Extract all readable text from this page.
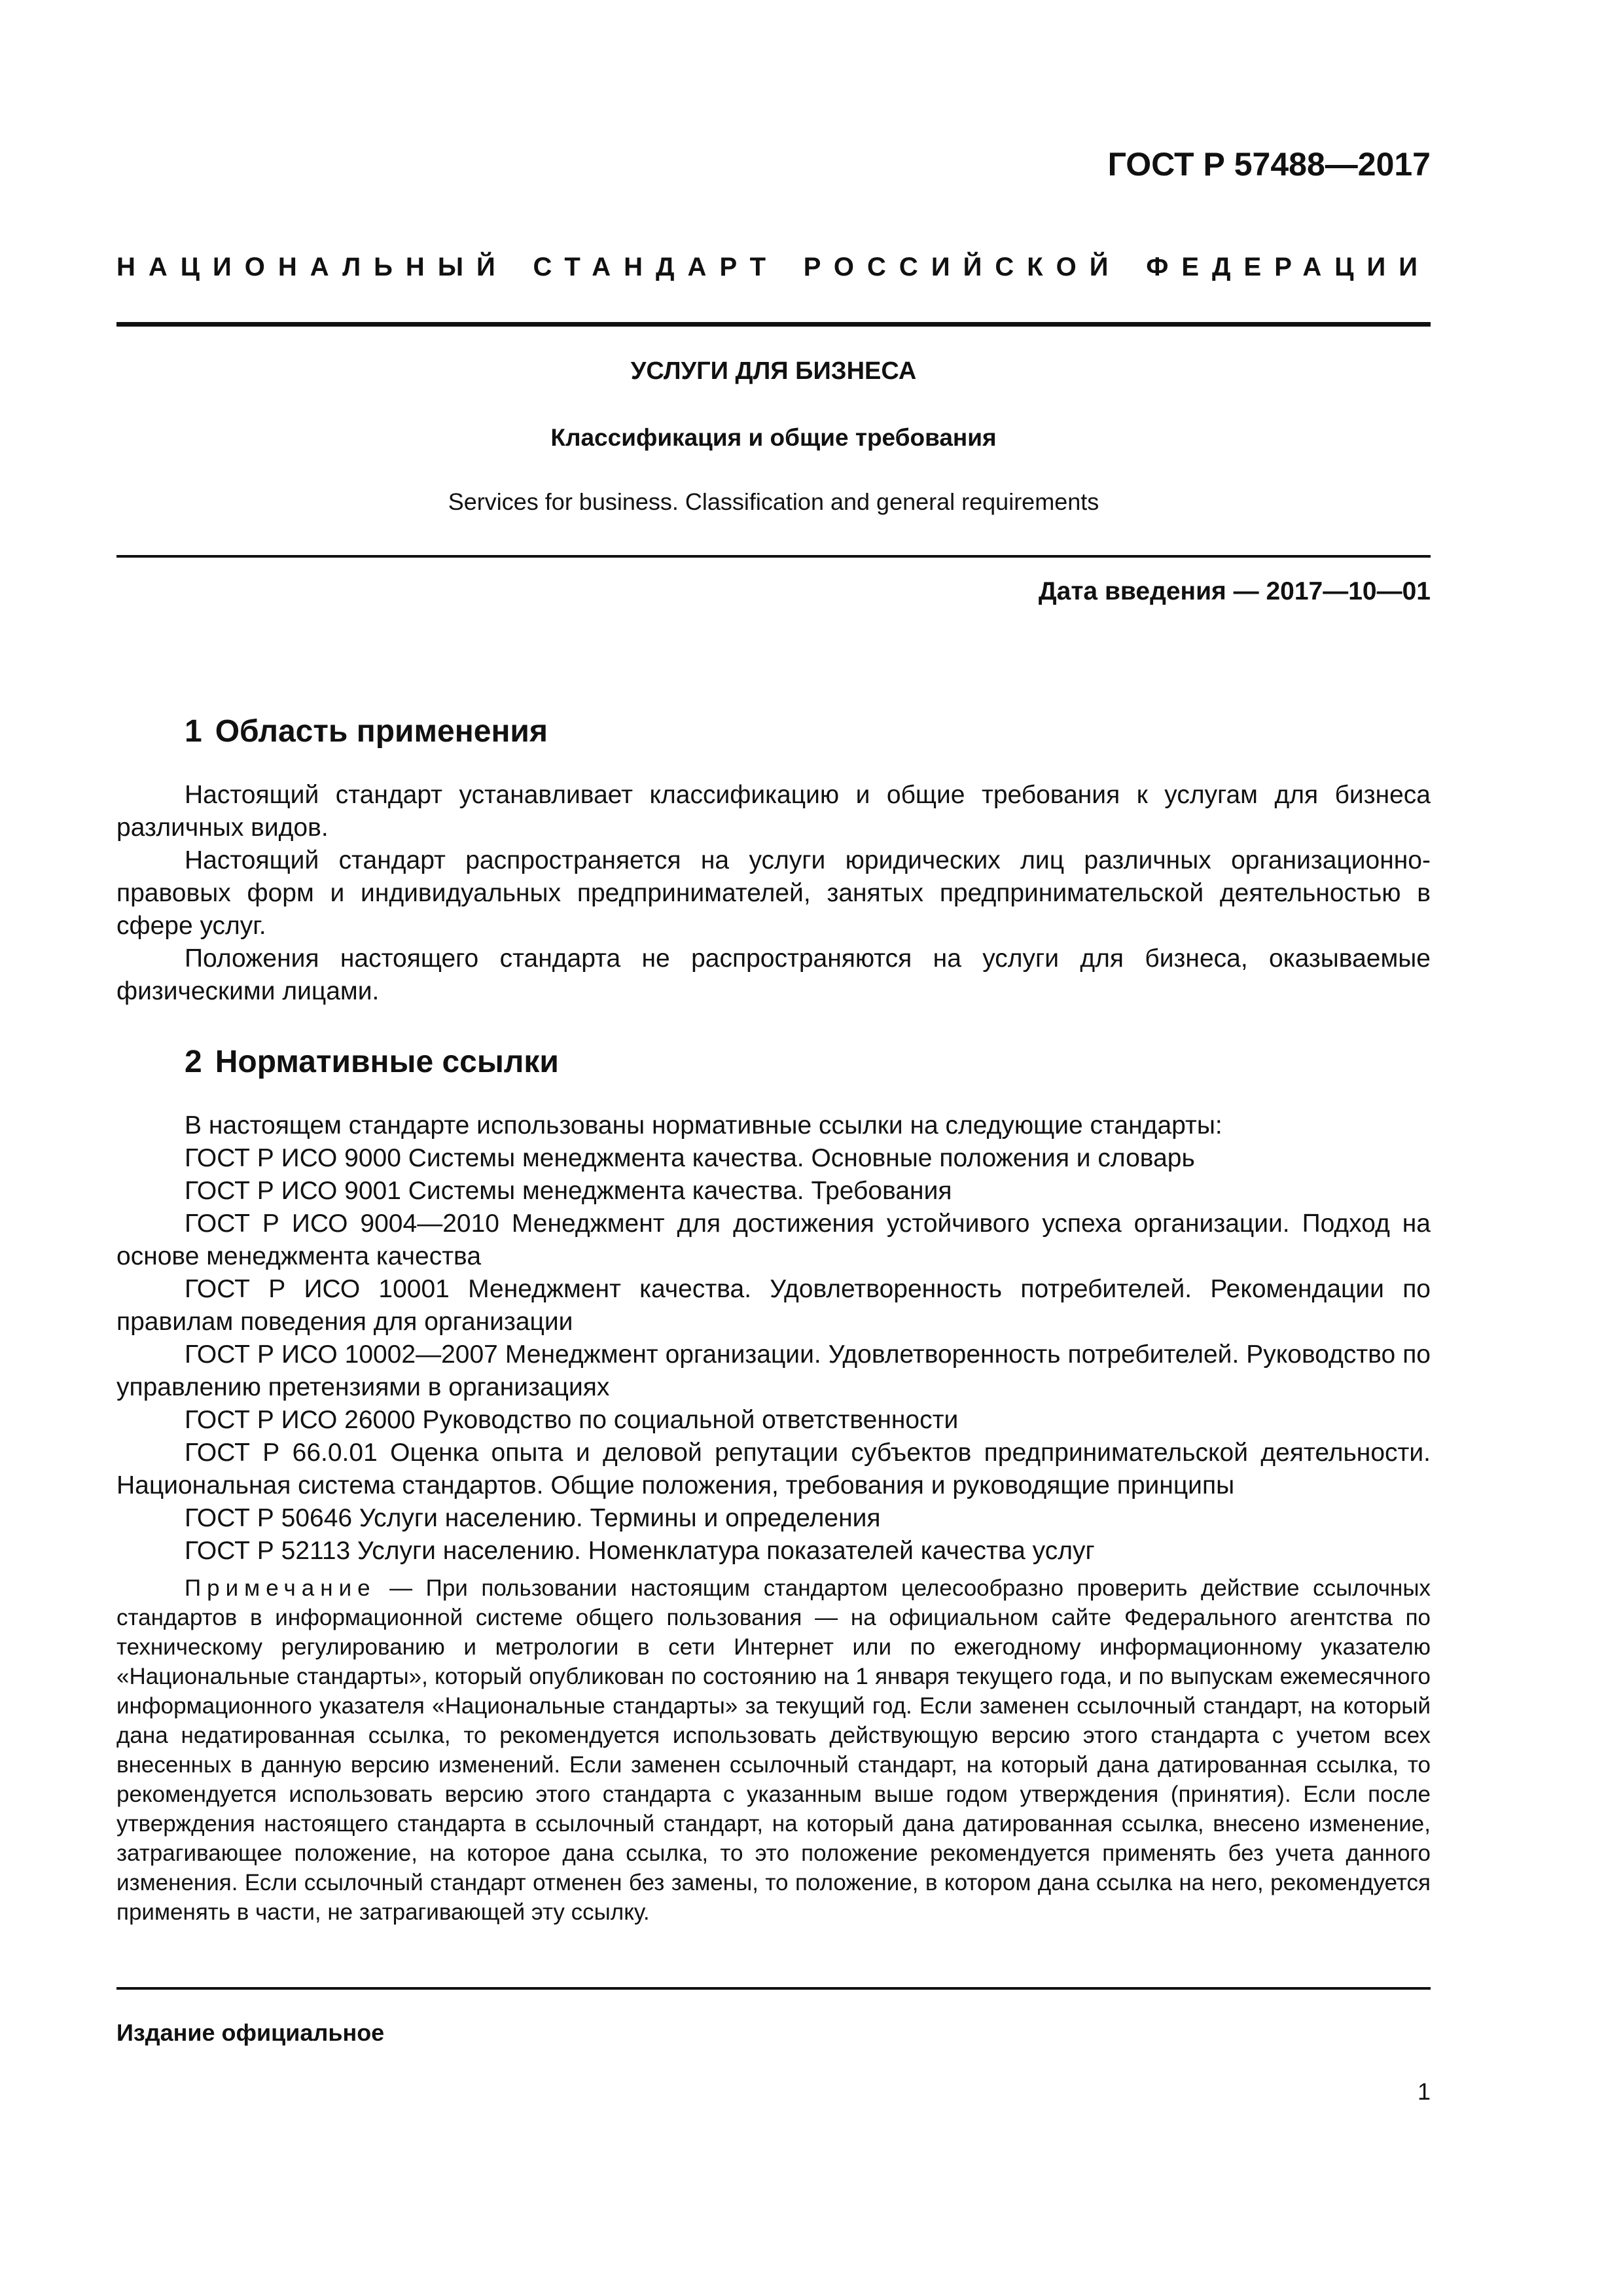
ГОСТ Р 57488—2017
НАЦИОНАЛЬНЫЙ СТАНДАРТ РОССИЙСКОЙ ФЕДЕРАЦИИ
УСЛУГИ ДЛЯ БИЗНЕСА
Классификация и общие требования
Services for business. Classification and general requirements
Дата введения — 2017—10—01
1 Область применения

Настоящий стандарт устанавливает классификацию и общие требования к услугам для бизнеса различных видов.

Настоящий стандарт распространяется на услуги юридических лиц различных организационно-правовых форм и индивидуальных предпринимателей, занятых предпринимательской деятельностью в сфере услуг.

Положения настоящего стандарта не распространяются на услуги для бизнеса, оказываемые физическими лицами.

2 Нормативные ссылки

В настоящем стандарте использованы нормативные ссылки на следующие стандарты:

ГОСТ Р ИСО 9000 Системы менеджмента качества. Основные положения и словарь

ГОСТ Р ИСО 9001 Системы менеджмента качества. Требования

ГОСТ Р ИСО 9004—2010 Менеджмент для достижения устойчивого успеха организации. Подход на основе менеджмента качества

ГОСТ Р ИСО 10001 Менеджмент качества. Удовлетворенность потребителей. Рекомендации по правилам поведения для организации

ГОСТ Р ИСО 10002—2007 Менеджмент организации. Удовлетворенность потребителей. Руководство по управлению претензиями в организациях

ГОСТ Р ИСО 26000 Руководство по социальной ответственности

ГОСТ Р 66.0.01 Оценка опыта и деловой репутации субъектов предпринимательской деятельности. Национальная система стандартов. Общие положения, требования и руководящие принципы

ГОСТ Р 50646 Услуги населению. Термины и определения

ГОСТ Р 52113 Услуги населению. Номенклатура показателей качества услуг

Примечание — При пользовании настоящим стандартом целесообразно проверить действие ссылочных стандартов в информационной системе общего пользования — на официальном сайте Федерального агентства по техническому регулированию и метрологии в сети Интернет или по ежегодному информационному указателю «Национальные стандарты», который опубликован по состоянию на 1 января текущего года, и по выпускам ежемесячного информационного указателя «Национальные стандарты» за текущий год. Если заменен ссылочный стандарт, на который дана недатированная ссылка, то рекомендуется использовать действующую версию этого стандарта с учетом всех внесенных в данную версию изменений. Если заменен ссылочный стандарт, на который дана датированная ссылка, то рекомендуется использовать версию этого стандарта с указанным выше годом утверждения (принятия). Если после утверждения настоящего стандарта в ссылочный стандарт, на который дана датированная ссылка, внесено изменение, затрагивающее положение, на которое дана ссылка, то это положение рекомендуется применять без учета данного изменения. Если ссылочный стандарт отменен без замены, то положение, в котором дана ссылка на него, рекомендуется применять в части, не затрагивающей эту ссылку.
Издание официальное
1
